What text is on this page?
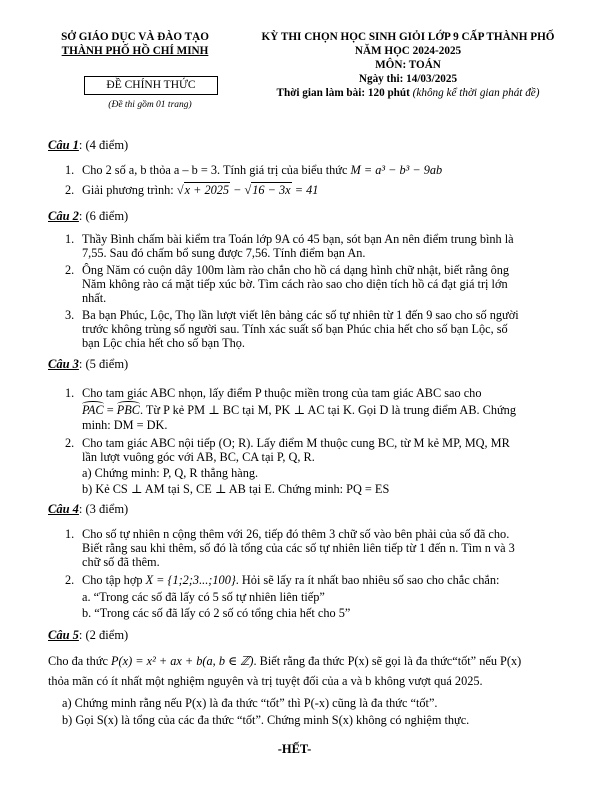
SỞ GIÁO DỤC VÀ ĐÀO TẠO
THÀNH PHỐ HỒ CHÍ MINH
ĐỀ CHÍNH THỨC
(Đề thi gồm 01 trang)
KỲ THI CHỌN HỌC SINH GIỎI LỚP 9 CẤP THÀNH PHỐ
NĂM HỌC 2024-2025
MÔN: TOÁN
Ngày thi: 14/03/2025
Thời gian làm bài: 120 phút (không kể thời gian phát đề)
Câu 1: (4 điểm)
1. Cho 2 số a, b thỏa a – b = 3. Tính giá trị của biểu thức M = a³ − b³ − 9ab
2. Giải phương trình: √x + 2025 − √16 − 3x = 41
Câu 2: (6 điểm)
1. Thầy Bình chấm bài kiểm tra Toán lớp 9A có 45 bạn, sót bạn An nên điểm trung bình là
7,55. Sau đó chấm bổ sung được 7,56. Tính điểm bạn An.
2. Ông Năm có cuộn dây 100m làm rào chắn cho hồ cá dạng hình chữ nhật, biết rằng ông
Năm không rào cá mặt tiếp xúc bờ. Tìm cách rào sao cho diện tích hồ cá đạt giá trị lớn
nhất.
3. Ba bạn Phúc, Lộc, Thọ lần lượt viết lên bảng các số tự nhiên từ 1 đến 9 sao cho số người
trước không trùng số người sau. Tính xác suất số bạn Phúc chia hết cho số bạn Lộc, số
bạn Lộc chia hết cho số bạn Thọ.
Câu 3: (5 điểm)
1. Cho tam giác ABC nhọn, lấy điểm P thuộc miền trong của tam giác ABC sao cho
PAC = PBC. Từ P kẻ PM ⊥ BC tại M, PK ⊥ AC tại K. Gọi D là trung điểm AB. Chứng
minh: DM = DK.
2. Cho tam giác ABC nội tiếp (O; R). Lấy điểm M thuộc cung BC, từ M kẻ MP, MQ, MR
lần lượt vuông góc với AB, BC, CA tại P, Q, R.
a) Chứng minh: P, Q, R thẳng hàng.
b) Kẻ CS ⊥ AM tại S, CE ⊥ AB tại E. Chứng minh: PQ = ES
Câu 4: (3 điểm)
1. Cho số tự nhiên n cộng thêm với 26, tiếp đó thêm 3 chữ số vào bên phải của số đã cho.
Biết rằng sau khi thêm, số đó là tổng của các số tự nhiên liên tiếp từ 1 đến n. Tìm n và 3
chữ số đã thêm.
2. Cho tập hợp X = {1;2;3...;100}. Hỏi sẽ lấy ra ít nhất bao nhiêu số sao cho chắc chắn:
a. “Trong các số đã lấy có 5 số tự nhiên liên tiếp”
b. “Trong các số đã lấy có 2 số có tổng chia hết cho 5”
Câu 5: (2 điểm)
Cho đa thức P(x) = x² + ax + b(a, b ∈ ℤ). Biết rằng đa thức P(x) sẽ gọi là đa thức“tốt” nếu P(x)
thỏa mãn có ít nhất một nghiệm nguyên và trị tuyệt đối của a và b không vượt quá 2025.
a) Chứng minh rằng nếu P(x) là đa thức “tốt” thì P(-x) cũng là đa thức “tốt”.
b) Gọi S(x) là tổng của các đa thức “tốt”. Chứng minh S(x) không có nghiệm thực.
-HẾT-
